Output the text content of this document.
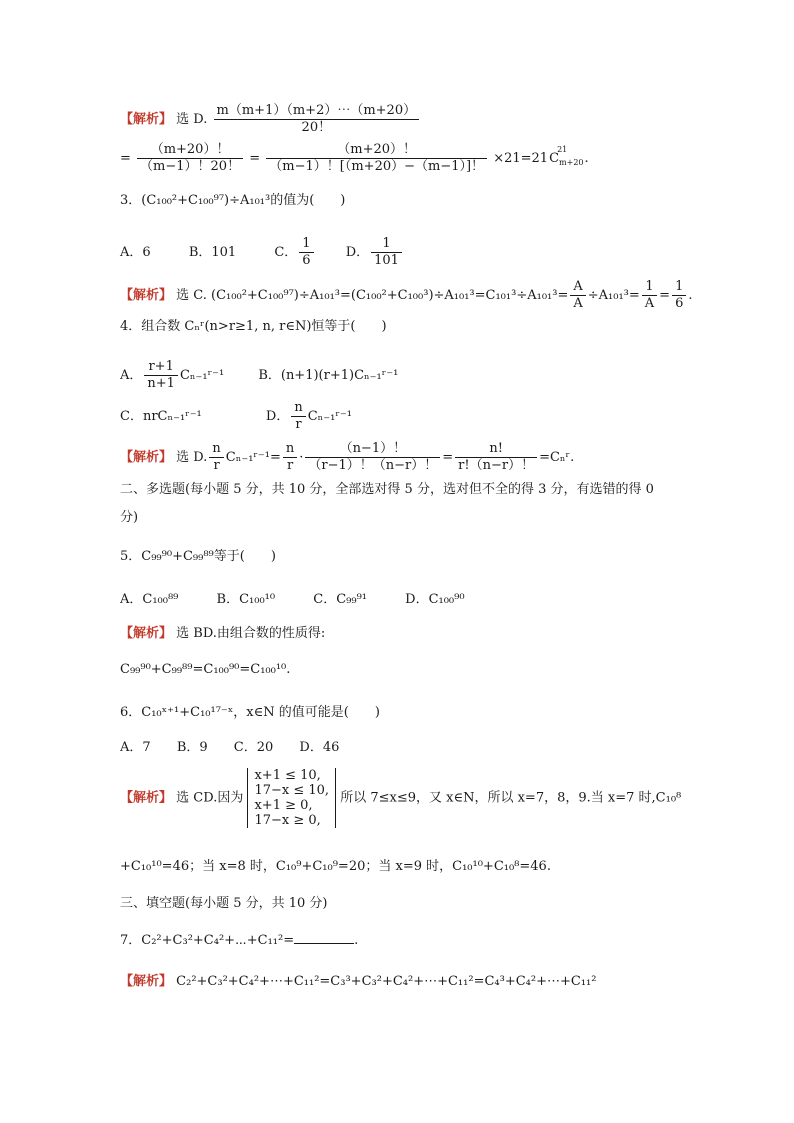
【解析】 选 D. $\frac{m(m+1)(m+2)\cdots(m+20)}{20!}$
= $\frac{(m+20)!}{(m-1)!20!} = \frac{(m+20)!}{(m-1)![(m+20)-(m-1)]!} \times 21=21C$
21
$_{m+20}$.
3．(C₁₀₀²+C₁₀₀⁹⁷)÷A₁₀₁³的值为(　　)
A．6	B．101	C． $\frac{1}{6}$ D． $\frac{1}{101}$
【解析】 选 C. $(C_{100}^2+C_{100}^{97})\div A_{101}^3=(C_{100}^2+C_{100}^3)\div A_{101}^3=C_{101}^3\div A_{101}^3= \frac{A}{A} \div A_{101}^3= \frac{1}{A} = \frac{1}{6}$ .
4．组合数 Cₙʳ(n>r≥1, n, r∈N)恒等于(　　)
A． $\frac{r+1}{n+1}$ Cₙ₋₁ʳ⁻¹	B．(n+1)(r+1)Cₙ₋₁ʳ⁻¹
C．nrCₙ₋₁ʳ⁻¹	D． $\frac{n}{r}$ Cₙ₋₁ʳ⁻¹
【解析】 选 D. $\frac{n}{r}$ Cₙ₋₁ʳ⁻¹= $\frac{n}{r} \cdot \frac{(n-1)!}{(r-1)!(n-r)!} = \frac{n!}{r!(n-r)!}$ =Cₙʳ.
二、多选题(每小题 5 分，共 10 分，全部选对得 5 分，选对但不全的得 3 分，有选错的得 0
分)
5．C₉₉⁹⁰+C₉₉⁸⁹等于(　　)
A．C₁₀₀⁸⁹	B．C₁₀₀¹⁰	C．C₉₉⁹¹	D．C₁₀₀⁹⁰
【解析】 选 BD.由组合数的性质得:
C₉₉⁹⁰+C₉₉⁸⁹=C₁₀₀⁹⁰=C₁₀₀¹⁰.
6．C₁₀ˣ⁺¹+C₁₀¹⁷⁻ˣ，x∈N 的值可能是(　　)
A．7 B．9 C．20 D．46
【解析】 选 CD.因为
x+1 ≤ 10,
17−x ≤ 10,
x+1 ≥ 0,
17−x ≥ 0,
所以 7≤x≤9，又 x∈N，所以 x=7，8，9.当 x=7 时,C₁₀⁸
+C₁₀¹⁰=46；当 x=8 时，C₁₀⁹+C₁₀⁹=20；当 x=9 时，C₁₀¹⁰+C₁₀⁸=46.
三、填空题(每小题 5 分，共 10 分)
7．C₂²+C₃²+C₄²+⋯+C₁₁²=	.
【解析】 C₂²+C₃²+C₄²+⋯+C₁₁²=C₃³+C₃²+C₄²+⋯+C₁₁²=C₄³+C₄²+⋯+C₁₁²
